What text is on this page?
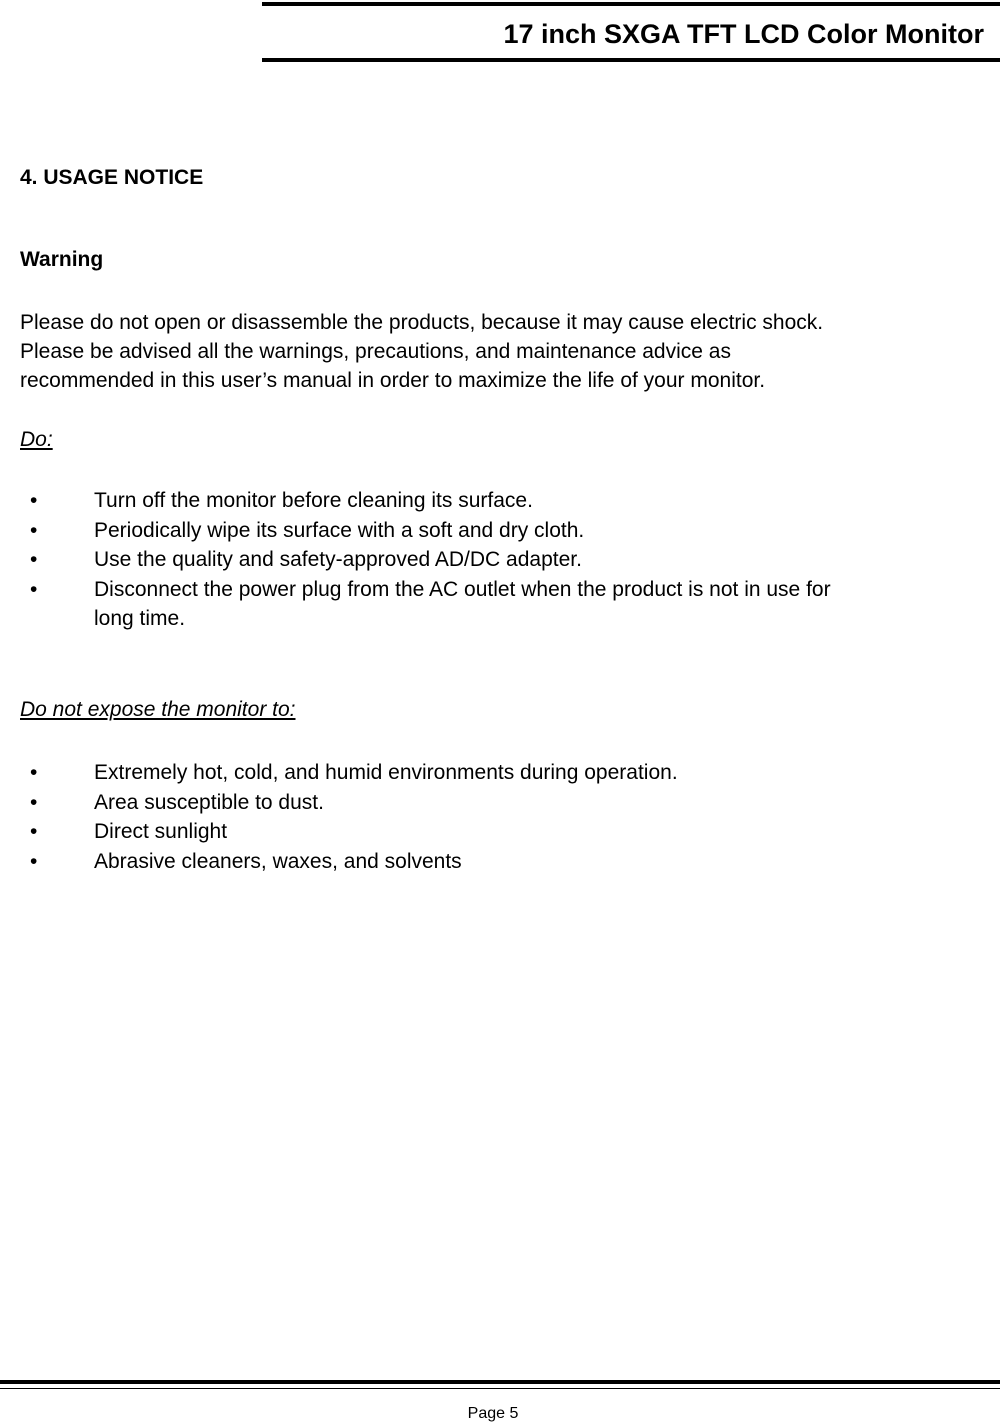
17 inch SXGA TFT LCD Color Monitor
4. USAGE NOTICE
Warning
Please do not open or disassemble the products, because it may cause electric shock.
Please be advised all the warnings, precautions, and maintenance advice as
recommended in this user’s manual in order to maximize the life of your monitor.
Do:
•	Turn off the monitor before cleaning its surface.
•	Periodically wipe its surface with a soft and dry cloth.
•	Use the quality and safety-approved AD/DC adapter.
•	Disconnect the power plug from the AC outlet when the product is not in use for
long time.
Do not expose the monitor to:
•	Extremely hot, cold, and humid environments during operation.
•	Area susceptible to dust.
•	Direct sunlight
•	Abrasive cleaners, waxes, and solvents
Page 5
